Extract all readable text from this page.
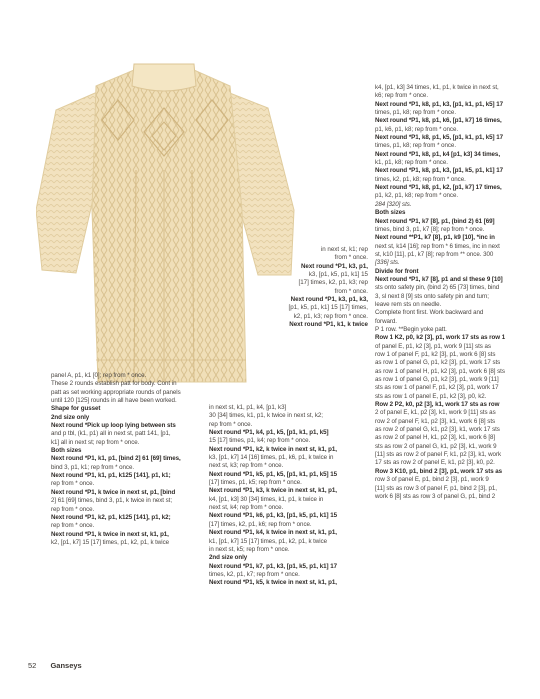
in next st, k1; rep

from * once.

Next round *P1, k3, p1,

k3, [p1, k5, p1, k1] 15

[17] times, k2, p1, k3; rep

from * once.

Next round *P1, k3, p1, k3,

[p1, k5, p1, k1] 15 [17] times,

k2, p1, k3; rep from * once.

Next round *P1, k1, k twice

panel A, p1, k1 [0]; rep from * once.

These 2 rounds establish patt for body. Cont in

patt as set working appropriate rounds of panels

until 120 [125] rounds in all have been worked.

Shape for gusset

2nd size only

Next round *Pick up loop lying between sts

and p tbl, (k1, p1) all in next st, patt 141, [p1,

k1] all in next st; rep from * once.

Both sizes

Next round *P1, k1, p1, [bind 2] 61 [69] times,

bind 3, p1, k1; rep from * once.

Next round *P1, k1, p1, k125 [141], p1, k1;

rep from * once.

Next round *P1, k twice in next st, p1, [bind

2] 61 [69] times, bind 3, p1, k twice in next st;

rep from * once.

Next round *P1, k2, p1, k125 [141], p1, k2;

rep from * once.

Next round *P1, k twice in next st, k1, p1,

k2, [p1, k7] 15 [17] times, p1, k2, p1, k twice

in next st, k1, p1, k4, [p1, k3]

30 [34] times, k1, p1, k twice in next st, k2;

rep from * once.

Next round *P1, k4, p1, k5, [p1, k1, p1, k5]

15 [17] times, p1, k4; rep from * once.

Next round *P1, k2, k twice in next st, k1, p1,

k3, [p1, k7] 14 [16] times, p1, k6, p1, k twice in

next st, k3; rep from * once.

Next round *P1, k5, p1, k5, [p1, k1, p1, k5] 15

[17] times, p1, k5; rep from * once.

Next round *P1, k3, k twice in next st, k1, p1,

k4, [p1, k3] 30 [34] times, k1, p1, k twice in

next st, k4; rep from * once.

Next round *P1, k6, p1, k3, [p1, k5, p1, k1] 15

[17] times, k2, p1, k6; rep from * once.

Next round *P1, k4, k twice in next st, k1, p1,

k1, [p1, k7] 15 [17] times, p1, k2, p1, k twice

in next st, k5; rep from * once.

2nd size only

Next round *P1, k7, p1, k3, [p1, k5, p1, k1] 17

times, k2, p1, k7; rep from * once.

Next round *P1, k5, k twice in next st, k1, p1,

k4, [p1, k3] 34 times, k1, p1, k twice in next st,

k6; rep from * once.

Next round *P1, k8, p1, k3, [p1, k1, p1, k5] 17

times, p1, k8; rep from * once.

Next round *P1, k8, p1, k6, [p1, k7] 16 times,

p1, k6, p1, k8; rep from * once.

Next round *P1, k8, p1, k5, [p1, k1, p1, k5] 17

times, p1, k8; rep from * once.

Next round *P1, k8, p1, k4 [p1, k3] 34 times,

k1, p1, k8; rep from * once.

Next round *P1, k8, p1, k3, [p1, k5, p1, k1] 17

times, k2, p1, k8; rep from * once.

Next round *P1, k8, p1, k2, [p1, k7] 17 times,

p1, k2, p1, k8; rep from * once.

284 [320] sts.

Both sizes

Next round *P1, k7 [8], p1, (bind 2) 61 [69]

times, bind 3, p1, k7 [8]; rep from * once.

Next round **P1, k7 [8], p1, k9 [10], *inc in

next st, k14 [16]; rep from * 6 times, inc in next

st, k10 [11], p1, k7 [8]; rep from ** once. 300

[336] sts.

Divide for front

Next round *P1, k7 [8], p1 and sl these 9 [10]

sts onto safety pin, (bind 2) 65 [73] times, bind

3, sl next 8 [9] sts onto safety pin and turn;

leave rem sts on needle.

Complete front first. Work backward and

forward.

P 1 row. **Begin yoke patt.

Row 1 K2, p0, k2 [3], p1, work 17 sts as row 1

of panel E, p1, k2 [3], p1, work 9 [11] sts as

row 1 of panel F, p1, k2 [3], p1, work 6 [8] sts

as row 1 of panel G, p1, k2 [3], p1, work 17 sts

as row 1 of panel H, p1, k2 [3], p1, work 6 [8] sts

as row 1 of panel G, p1, k2 [3], p1, work 9 [11]

sts as row 1 of panel F, p1, k2 [3], p1, work 17

sts as row 1 of panel E, p1, k2 [3], p0, k2.

Row 2 P2, k0, p2 [3], k1, work 17 sts as row

2 of panel E, k1, p2 [3], k1, work 9 [11] sts as

row 2 of panel F, k1, p2 [3], k1, work 6 [8] sts

as row 2 of panel G, k1, p2 [3], k1, work 17 sts

as row 2 of panel H, k1, p2 [3], k1, work 6 [8]

sts as row 2 of panel G, k1, p2 [3], k1, work 9

[11] sts as row 2 of panel F, k1, p2 [3], k1, work

17 sts as row 2 of panel E, k1, p2 [3], k0, p2.

Row 3 K10, p1, bind 2 [3], p1, work 17 sts as

row 3 of panel E, p1, bind 2 [3], p1, work 9

[11] sts as row 3 of panel F, p1, bind 2 [3], p1,

work 6 [8] sts as row 3 of panel G, p1, bind 2

52 Ganseys
